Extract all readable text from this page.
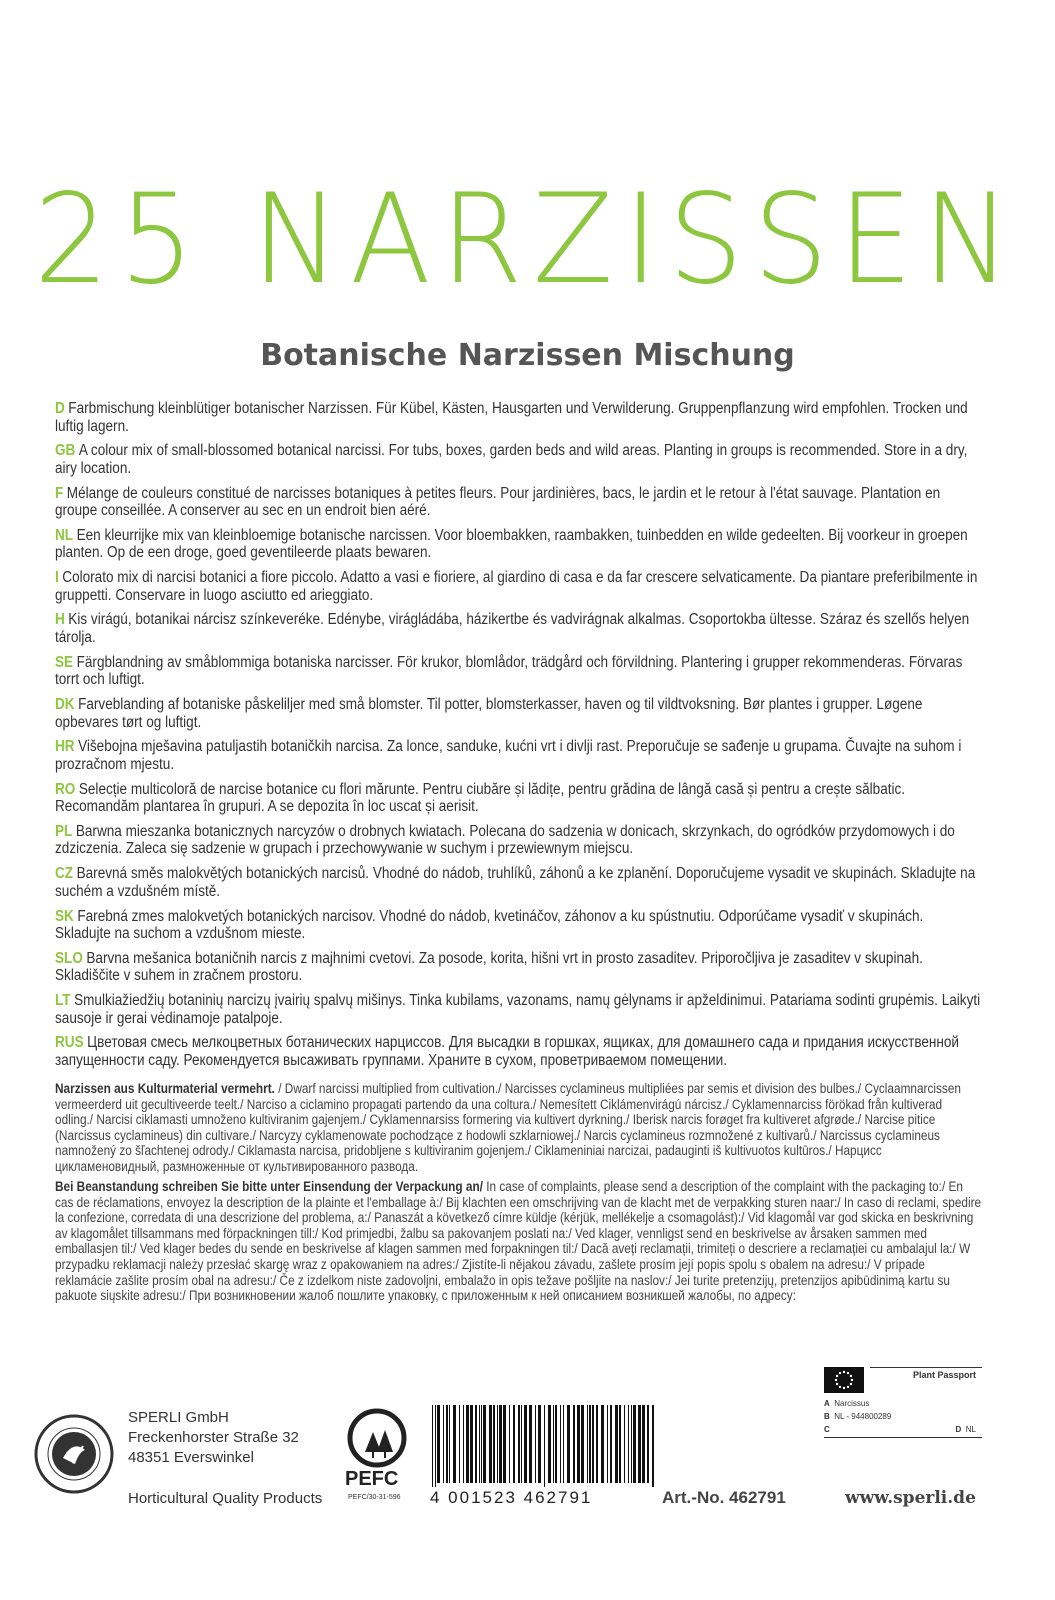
25 NARZISSEN
Botanische Narzissen Mischung
D Farbmischung kleinblütiger botanischer Narzissen. Für Kübel, Kästen, Hausgarten und Verwilderung. Gruppenpflanzung wird empfohlen. Trocken und luftig lagern.
GB A colour mix of small-blossomed botanical narcissi. For tubs, boxes, garden beds and wild areas. Planting in groups is recommended. Store in a dry, airy location.
F Mélange de couleurs constitué de narcisses botaniques à petites fleurs. Pour jardinières, bacs, le jardin et le retour à l'état sauvage. Plantation en groupe conseillée. A conserver au sec en un endroit bien aéré.
NL Een kleurrijke mix van kleinbloemige botanische narcissen. Voor bloembakken, raambakken, tuinbedden en wilde gedeelten. Bij voorkeur in groepen planten. Op de een droge, goed geventileerde plaats bewaren.
I Colorato mix di narcisi botanici a fiore piccolo. Adatto a vasi e fioriere, al giardino di casa e da far crescere selvaticamente. Da piantare preferibilmente in gruppetti. Conservare in luogo asciutto ed arieggiato.
H Kis virágú, botanikai nárcisz színkeveréke. Edénybe, virágládába, házikertbe és vadvirágnak alkalmas. Csoportokba ültesse. Száraz és szellős helyen tárolja.
SE Färgblandning av småblommiga botaniska narcisser. För krukor, blomlådor, trädgård och förvildning. Plantering i grupper rekommenderas. Förvaras torrt och luftigt.
DK Farveblanding af botaniske påskeliljer med små blomster. Til potter, blomsterkasser, haven og til vildtvoksning. Bør plantes i grupper. Løgene opbevares tørt og luftigt.
HR Višebojna mješavina patuljastih botaničkih narcisa. Za lonce, sanduke, kućni vrt i divlji rast. Preporučuje se sađenje u grupama. Čuvajte na suhom i prozračnom mjestu.
RO Selecție multicoloră de narcise botanice cu flori mărunte. Pentru ciubăre și lădițe, pentru grădina de lângă casă și pentru a crește sălbatic. Recomandăm plantarea în grupuri. A se depozita în loc uscat și aerisit.
PL Barwna mieszanka botanicznych narcyzów o drobnych kwiatach. Polecana do sadzenia w donicach, skrzynkach, do ogródków przydomowych i do zdziczenia. Zaleca się sadzenie w grupach i przechowywanie w suchym i przewiewnym miejscu.
CZ Barevná směs malokvětých botanických narcisů. Vhodné do nádob, truhlíků, záhonů a ke zplanění. Doporučujeme vysadit ve skupinách. Skladujte na suchém a vzdušném místě.
SK Farebná zmes malokvetých botanických narcisov. Vhodné do nádob, kvetináčov, záhonov a ku spústnutiu. Odporúčame vysadiť v skupinách. Skladujte na suchom a vzdušnom mieste.
SLO Barvna mešanica botaničnih narcis z majhnimi cvetovi. Za posode, korita, hišni vrt in prosto zasaditev. Priporočljiva je zasaditev v skupinah. Skladiščite v suhem in zračnem prostoru.
LT Smulkiažiedžių botaninių narcizų įvairių spalvų mišinys. Tinka kubilams, vazonams, namų gėlynams ir apželdinimui. Patariama sodinti grupėmis. Laikyti sausoje ir gerai vėdinamoje patalpoje.
RUS Цветовая смесь мелкоцветных ботанических нарциссов. Для высадки в горшках, ящиках, для домашнего сада и придания искусственной запущенности саду. Рекомендуется высаживать группами. Храните в сухом, проветриваемом помещении.
Narzissen aus Kulturmaterial vermehrt. / Dwarf narcissi multiplied from cultivation./ Narcisses cyclamineus multipliées par semis et division des bulbes./ Cyclaamnarcissen vermeerderd uit gecultiveerde teelt./ Narciso a ciclamino propagati partendo da una coltura./ Nemesített Ciklámenvirágú nárcisz./ Cyklamennarciss förökad från kultiverad odling./ Narcisi ciklamasti umnoženo kultiviranim gajenjem./ Cyklamennarsiss formering via kultivert dyrkning./ Iberisk narcis forøget fra kultiveret afgrøde./ Narcise pitice (Narcissus cyclamineus) din cultivare./ Narcyzy cyklamenowate pochodzące z hodowli szklarniowej./ Narcis cyclamineus rozmnožené z kultivarů./ Narcissus cyclamineus namnožený zo šľachtenej odrody./ Ciklamasta narcisa, pridobljene s kultiviranim gojenjem./ Ciklameniniai narcizai, padauginti iš kultivuotos kultūros./ Нарцисс цикламеновидный, размноженные от культивированного развода.
Bei Beanstandung schreiben Sie bitte unter Einsendung der Verpackung an/ In case of complaints, please send a description of the complaint with the packaging to:/ En cas de réclamations, envoyez la description de la plainte et l'emballage à:/ Bij klachten een omschrijving van de klacht met de verpakking sturen naar:/ In caso di reclami, spedire la confezione, corredata di una descrizione del problema, a:/ Panaszát a következő címre küldje (kérjük, mellékelje a csomagolást):/ Vid klagomål var god skicka en beskrivning av klagomålet tillsammans med förpackningen till:/ Kod primjedbi, žalbu sa pakovanjem poslati na:/ Ved klager, vennligst send en beskrivelse av årsaken sammen med emballasjen til:/ Ved klager bedes du sende en beskrivelse af klagen sammen med forpakningen til:/ Dacă aveți reclamații, trimiteți o descriere a reclamației cu ambalajul la:/ W przypadku reklamacji należy przesłać skargę wraz z opakowaniem na adres:/ Zjistíte-li nějakou závadu, zašlete prosím její popis spolu s obalem na adresu:/ V prípade reklamácie zašlite prosím obal na adresu:/ Če z izdelkom niste zadovoljni, embalažo in opis težave pošljite na naslov:/ Jei turite pretenzijų, pretenzijos apibūdinimą kartu su pakuote siųskite adresu:/ При возникновении жалоб пошлите упаковку, с приложенным к ней описанием возникшей жалобы, по адресу:
SPERLI GmbH
Freckenhorster Straße 32
48351 Everswinkel
Horticultural Quality Products
PEFC
PEFC/30-31-596 4 001523 462791	Art.-No. 462791	www.sperli.de
Plant Passport
A Narcissus
B NL - 944800289
C	D NL
